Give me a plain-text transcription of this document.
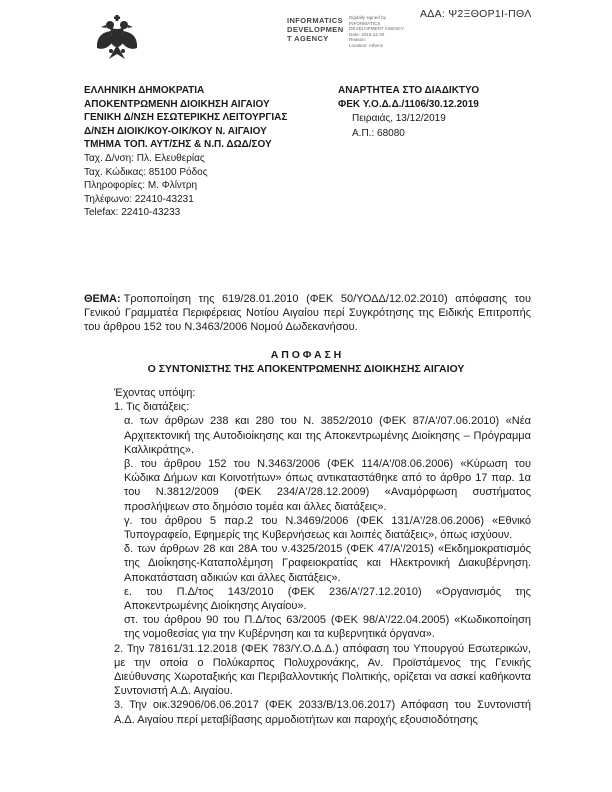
INFORMATICS
DEVELOPMEN
T AGENCY
Digitally signed by
INFORMATICS
DEVELOPMENT AGENCY
Date: 2019.12.30
Reason:
Location: Athens
ΑΔΑ: Ψ2ΞΘΟΡ1Ι-ΠΘΛ
ΑΝΑΡΤΗΤΕΑ ΣΤΟ ΔΙΑΔΙΚΤΥΟ
ΦΕΚ Υ.Ο.Δ.Δ./1106/30.12.2019
Πειραιάς, 13/12/2019
Α.Π.: 68080
ΕΛΛΗΝΙΚΗ ΔΗΜΟΚΡΑΤΙΑ
ΑΠΟΚΕΝΤΡΩΜΕΝΗ ΔΙΟΙΚΗΣΗ ΑΙΓΑΙΟΥ
ΓΕΝΙΚΗ Δ/ΝΣΗ ΕΣΩΤΕΡΙΚΗΣ ΛΕΙΤΟΥΡΓΙΑΣ
Δ/ΝΣΗ ΔΙΟΙΚ/ΚΟΥ-ΟΙΚ/ΚΟΥ Ν. ΑΙΓΑΙΟΥ
ΤΜΗΜΑ ΤΟΠ. ΑΥΤ/ΣΗΣ & Ν.Π. ΔΩΔ/ΣΟΥ
Ταχ. Δ/νση: Πλ. Ελευθερίας
Ταχ. Κώδικας: 85100 Ρόδος
Πληροφορίες: Μ. Φλίντρη
Τηλέφωνο: 22410-43231
Telefax: 22410-43233
ΘΕΜΑ: Τροποποίηση της 619/28.01.2010 (ΦΕΚ 50/ΥΟΔΔ/12.02.2010) απόφασης του Γενικού Γραμματέα Περιφέρειας Νοτίου Αιγαίου περί Συγκρότησης της Ειδικής Επιτροπής του άρθρου 152 του Ν.3463/2006 Νομού Δωδεκανήσου.
Α Π Ο Φ Α Σ Η
Ο ΣΥΝΤΟΝΙΣΤΗΣ ΤΗΣ ΑΠΟΚΕΝΤΡΩΜΕΝΗΣ ΔΙΟΙΚΗΣΗΣ ΑΙΓΑΙΟΥ
Έχοντας υπόψη:
1. Τις διατάξεις:
α. των άρθρων 238 και 280 του Ν. 3852/2010 (ΦΕΚ 87/Α'/07.06.2010) «Νέα Αρχιτεκτονική της Αυτοδιοίκησης και της Αποκεντρωμένης Διοίκησης – Πρόγραμμα Καλλικράτης».
β. του άρθρου 152 του Ν.3463/2006 (ΦΕΚ 114/Α'/08.06.2006) «Κύρωση του Κώδικα Δήμων και Κοινοτήτων» όπως αντικαταστάθηκε από το άρθρο 17 παρ. 1α του Ν.3812/2009 (ΦΕΚ 234/Α'/28.12.2009) «Αναμόρφωση συστήματος προσλήψεων στο δημόσιο τομέα και άλλες διατάξεις».
γ. του άρθρου 5 παρ.2 του Ν.3469/2006 (ΦΕΚ 131/Α'/28.06.2006) «Εθνικό Τυπογραφείο, Εφημερίς της Κυβερνήσεως και λοιπές διατάξεις», όπως ισχύουν.
δ. των άρθρων 28 και 28Α του ν.4325/2015 (ΦΕΚ 47/Α'/2015) «Εκδημοκρατισμός της Διοίκησης-Καταπολέμηση Γραφειοκρατίας και Ηλεκτρονική Διακυβέρνηση. Αποκατάσταση αδικιών και άλλες διατάξεις».
ε. του Π.Δ/τος 143/2010 (ΦΕΚ 236/Α'/27.12.2010) «Οργανισμός της Αποκεντρωμένης Διοίκησης Αιγαίου».
στ. του άρθρου 90 του Π.Δ/τος 63/2005 (ΦΕΚ 98/Α'/22.04.2005) «Κωδικοποίηση της νομοθεσίας για την Κυβέρνηση και τα κυβερνητικά όργανα».
2. Την 78161/31.12.2018 (ΦΕΚ 783/Υ.Ο.Δ.Δ.) απόφαση του Υπουργού Εσωτερικών, με την οποία ο Πολύκαρπος Πολυχρονάκης, Αν. Προϊστάμενος της Γενικής Διεύθυνσης Χωροταξικής και Περιβαλλοντικής Πολιτικής, ορίζεται να ασκεί καθήκοντα Συντονιστή Α.Δ. Αιγαίου.
3. Την οικ.32906/06.06.2017 (ΦΕΚ 2033/Β/13.06.2017) Απόφαση του Συντονιστή Α.Δ. Αιγαίου περί μεταβίβασης αρμοδιοτήτων και παροχής εξουσιοδότησης
